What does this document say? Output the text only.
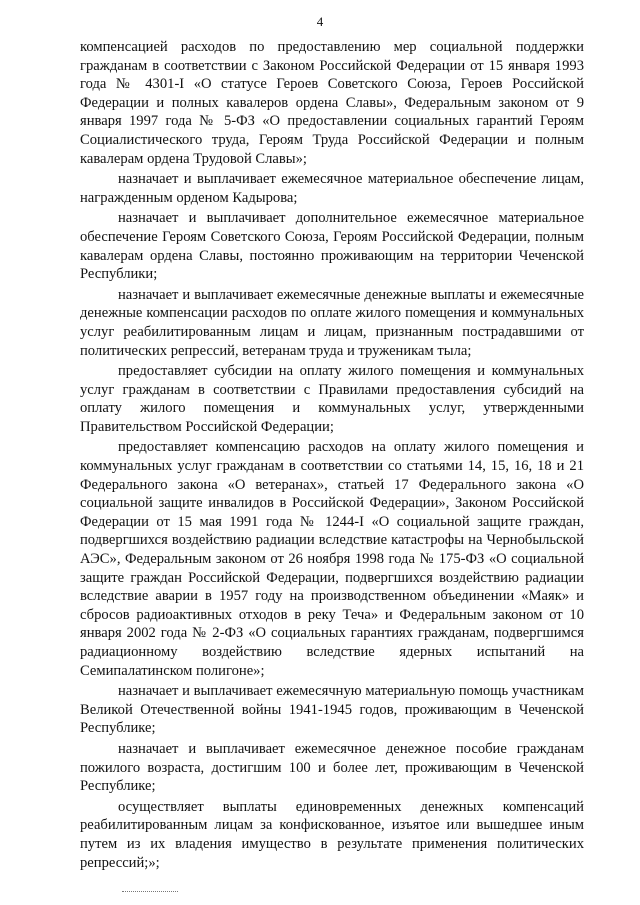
4

компенсацией расходов по предоставлению мер социальной поддержки гражданам в соответствии с Законом Российской Федерации от 15 января 1993 года № 4301-I «О статусе Героев Советского Союза, Героев Российской Федерации и полных кавалеров ордена Славы», Федеральным законом от 9 января 1997 года № 5-ФЗ «О предоставлении социальных гарантий Героям Социалистического труда, Героям Труда Российской Федерации и полным кавалерам ордена Трудовой Славы»;

назначает и выплачивает ежемесячное материальное обеспечение лицам, награжденным орденом Кадырова;

назначает и выплачивает дополнительное ежемесячное материальное обеспечение Героям Советского Союза, Героям Российской Федерации, полным кавалерам ордена Славы, постоянно проживающим на территории Чеченской Республики;

назначает и выплачивает ежемесячные денежные выплаты и ежемесячные денежные компенсации расходов по оплате жилого помещения и коммунальных услуг реабилитированным лицам и лицам, признанным пострадавшими от политических репрессий, ветеранам труда и труженикам тыла;

предоставляет субсидии на оплату жилого помещения и коммунальных услуг гражданам в соответствии с Правилами предоставления субсидий на оплату жилого помещения и коммунальных услуг, утвержденными Правительством Российской Федерации;

предоставляет компенсацию расходов на оплату жилого помещения и коммунальных услуг гражданам в соответствии со статьями 14, 15, 16, 18 и 21 Федерального закона «О ветеранах», статьей 17 Федерального закона «О социальной защите инвалидов в Российской Федерации», Законом Российской Федерации от 15 мая 1991 года № 1244-I «О социальной защите граждан, подвергшихся воздействию радиации вследствие катастрофы на Чернобыльской АЭС», Федеральным законом от 26 ноября 1998 года № 175-ФЗ «О социальной защите граждан Российской Федерации, подвергшихся воздействию радиации вследствие аварии в 1957 году на производственном объединении «Маяк» и сбросов радиоактивных отходов в реку Теча» и Федеральным законом от 10 января 2002 года № 2-ФЗ «О социальных гарантиях гражданам, подвергшимся радиационному воздействию вследствие ядерных испытаний на Семипалатинском полигоне»;

назначает и выплачивает ежемесячную материальную помощь участникам Великой Отечественной войны 1941-1945 годов, проживающим в Чеченской Республике;

назначает и выплачивает ежемесячное денежное пособие гражданам пожилого возраста, достигшим 100 и более лет, проживающим в Чеченской Республике;

осуществляет выплаты единовременных денежных компенсаций реабилитированным лицам за конфискованное, изъятое или вышедшее иным путем из их владения имущество в результате применения политических репрессий;»;
